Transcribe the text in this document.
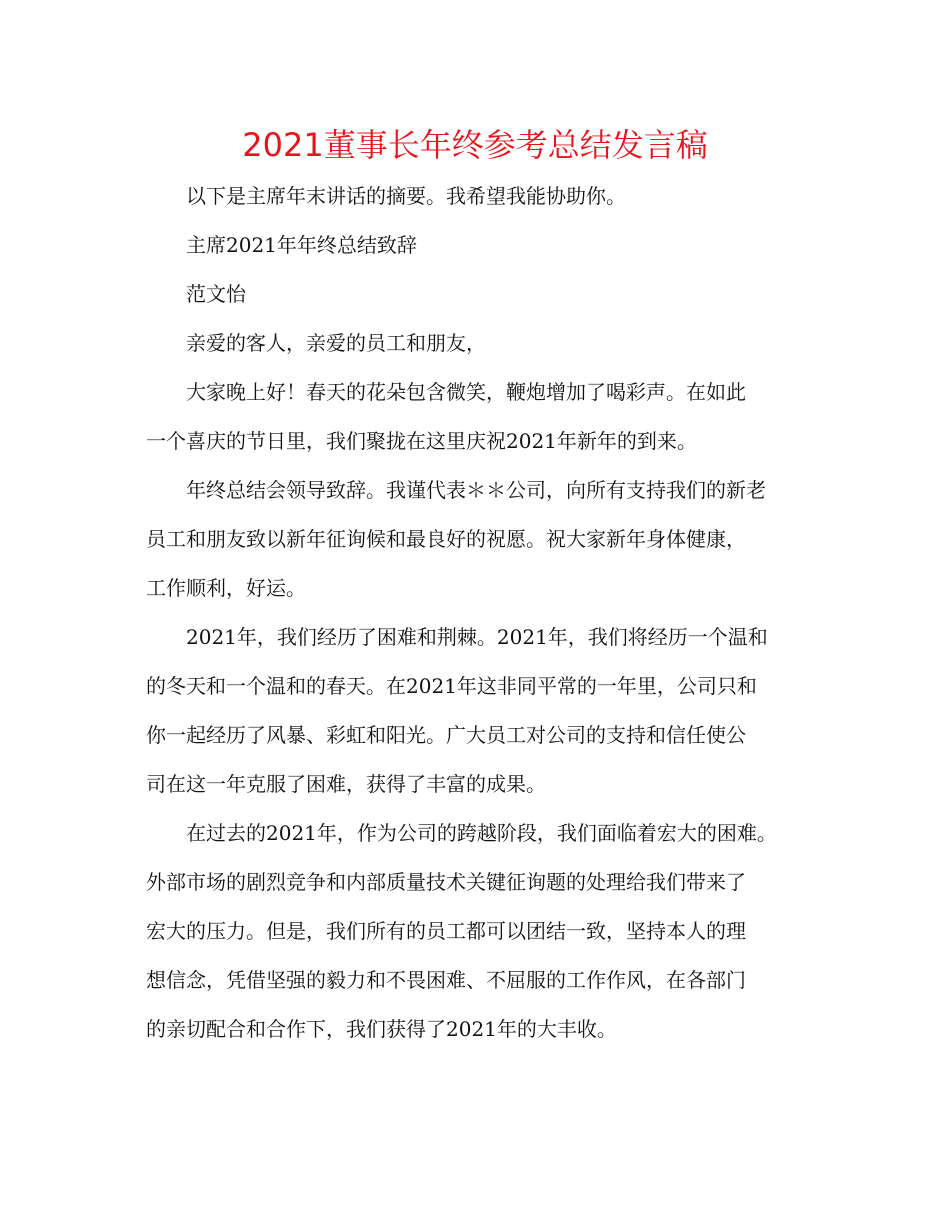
2021董事长年终参考总结发言稿

以下是主席年末讲话的摘要。我希望我能协助你。

主席2021年年终总结致辞

范文怡

亲爱的客人，亲爱的员工和朋友，

大家晚上好！春天的花朵包含微笑，鞭炮增加了喝彩声。在如此
一个喜庆的节日里，我们聚拢在这里庆祝2021年新年的到来。

年终总结会领导致辞。我谨代表＊＊公司，向所有支持我们的新老
员工和朋友致以新年征询候和最良好的祝愿。祝大家新年身体健康，
工作顺利，好运。

2021年，我们经历了困难和荆棘。2021年，我们将经历一个温和
的冬天和一个温和的春天。在2021年这非同平常的一年里，公司只和
你一起经历了风暴、彩虹和阳光。广大员工对公司的支持和信任使公
司在这一年克服了困难，获得了丰富的成果。

在过去的2021年，作为公司的跨越阶段，我们面临着宏大的困难。
外部市场的剧烈竞争和内部质量技术关键征询题的处理给我们带来了
宏大的压力。但是，我们所有的员工都可以团结一致，坚持本人的理
想信念，凭借坚强的毅力和不畏困难、不屈服的工作作风，在各部门
的亲切配合和合作下，我们获得了2021年的大丰收。
